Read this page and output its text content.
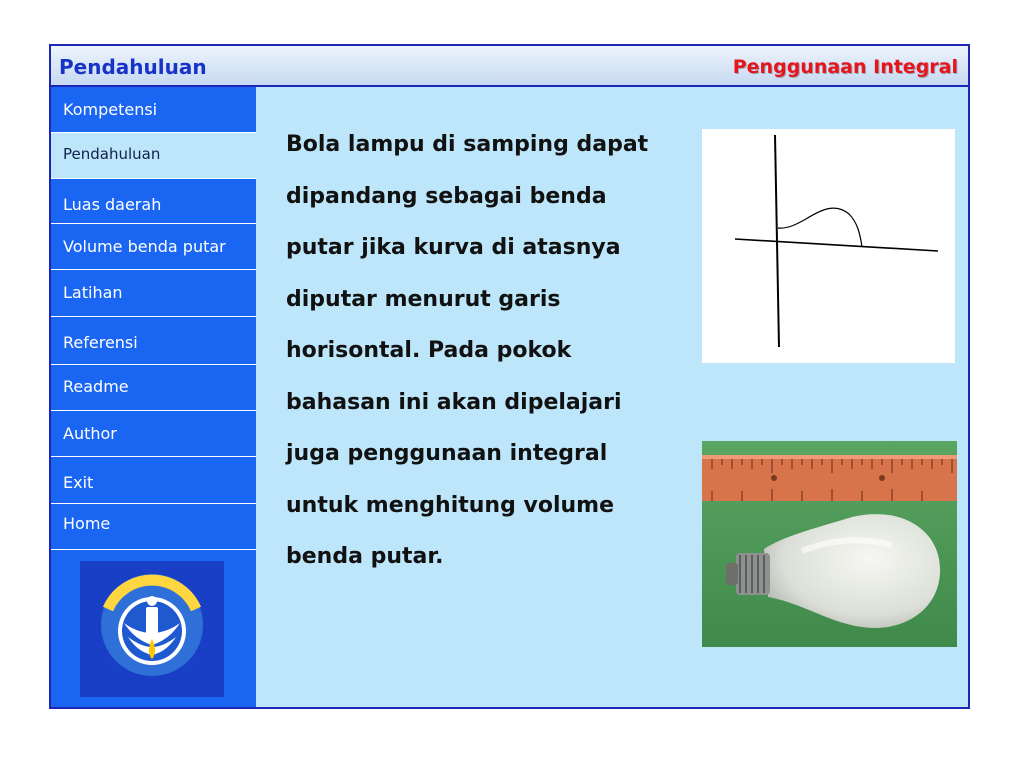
Pendahuluan	Penggunaan Integral
Kompetensi
Pendahuluan
Luas daerah
Volume benda putar
Latihan
Referensi
Readme
Author
Exit
Home

Bola lampu di samping dapat dipandang sebagai benda putar jika kurva di atasnya diputar menurut garis horisontal. Pada pokok bahasan ini akan dipelajari juga penggunaan integral untuk menghitung volume benda putar.
